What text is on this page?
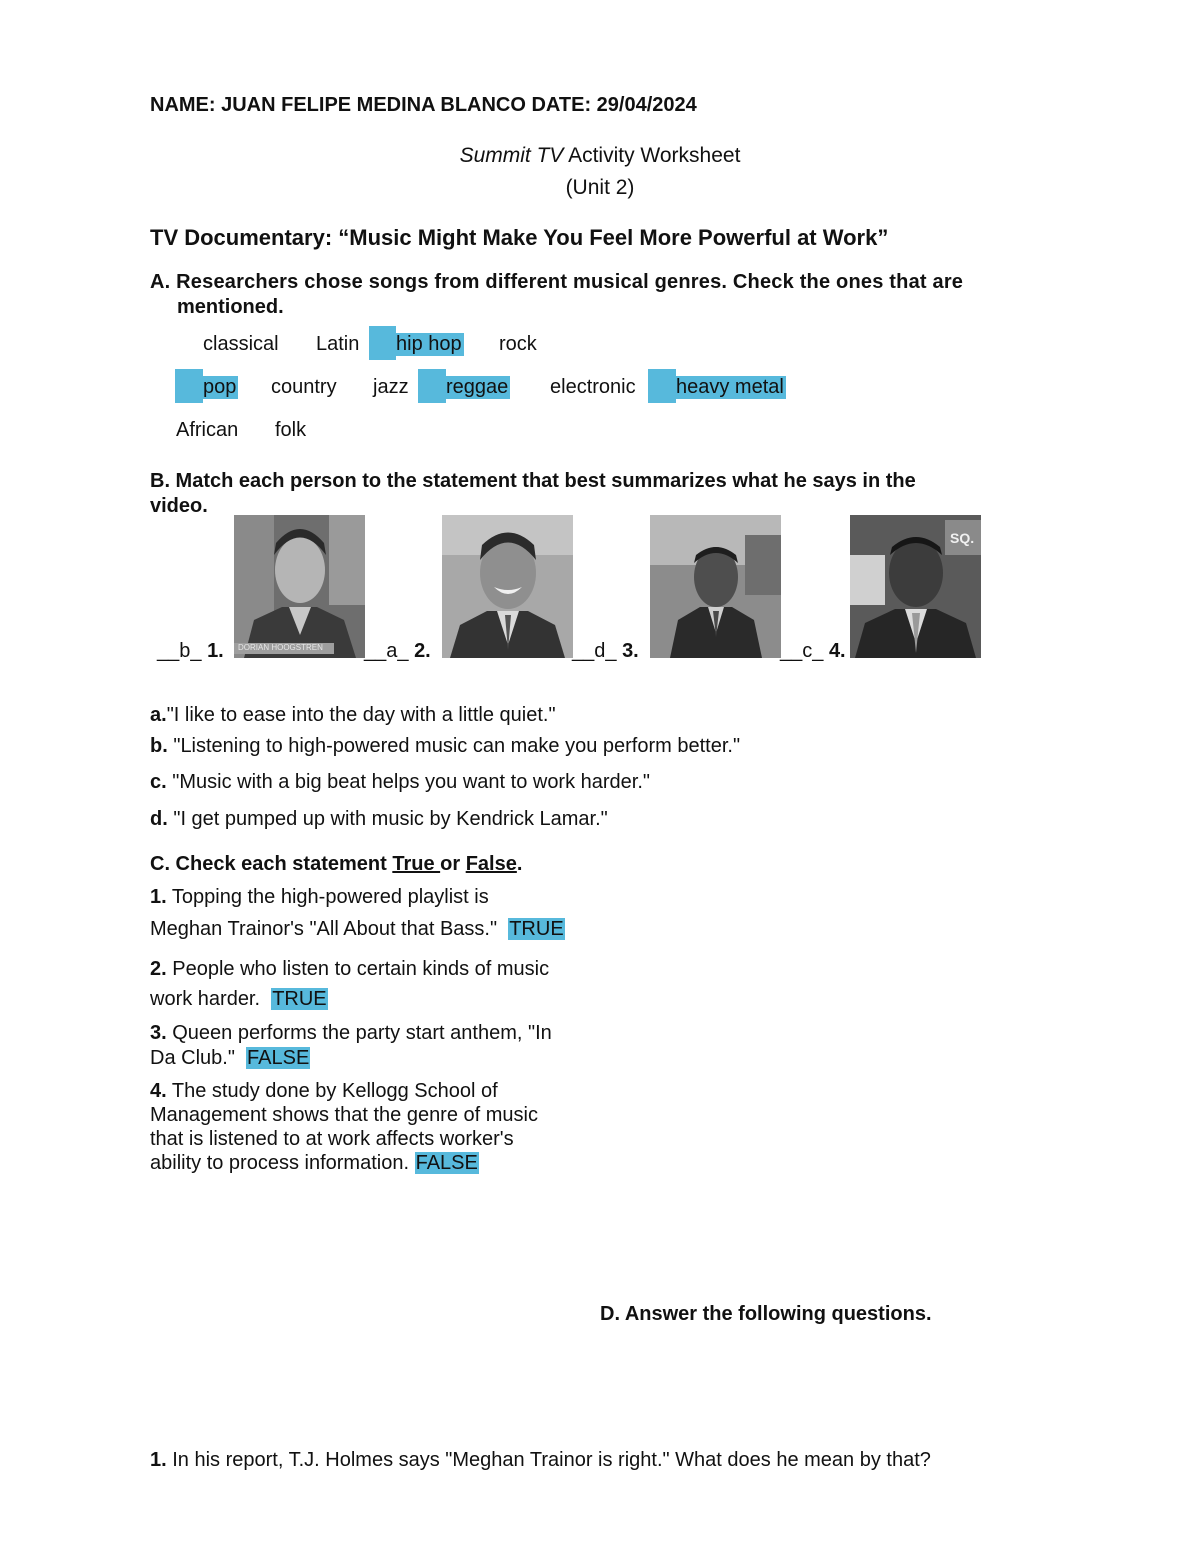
NAME: JUAN FELIPE MEDINA BLANCO DATE: 29/04/2024
Summit TV Activity Worksheet
(Unit 2)
TV Documentary: “Music Might Make You Feel More Powerful at Work”
A. Researchers chose songs from different musical genres. Check the ones that are
mentioned.
classical Latin hip hop rock
pop country jazz reggae electronic heavy metal
African folk
B. Match each person to the statement that best summarizes what he says in the
video.
DORIAN HOOGSTREN
SQ.
__b_ 1.	__a_ 2.	__d_ 3.	__c_ 4.
a."I like to ease into the day with a little quiet."
b. "Listening to high-powered music can make you perform better."
c. "Music with a big beat helps you want to work harder."
d. "I get pumped up with music by Kendrick Lamar."
C. Check each statement True or False.
1. Topping the high-powered playlist is
Meghan Trainor's "All About that Bass." TRUE
2. People who listen to certain kinds of music
work harder. TRUE
3. Queen performs the party start anthem, "In
Da Club." FALSE
4. The study done by Kellogg School of
Management shows that the genre of music
that is listened to at work affects worker's
ability to process information. FALSE
D. Answer the following questions.
1. In his report, T.J. Holmes says "Meghan Trainor is right." What does he mean by that?
